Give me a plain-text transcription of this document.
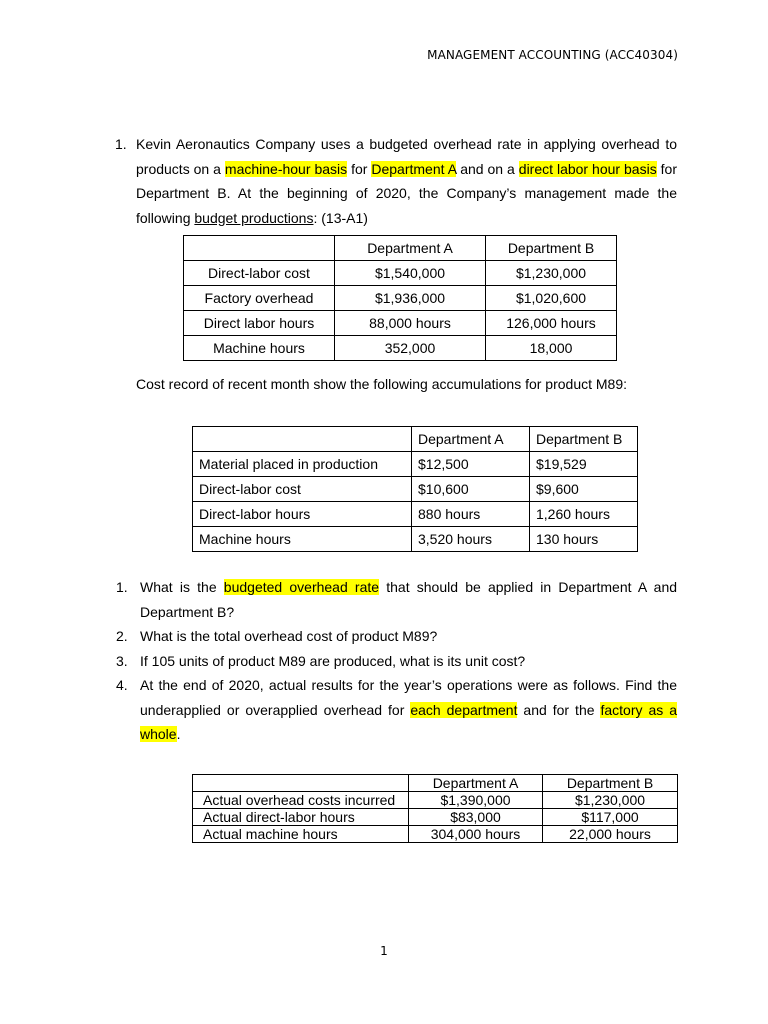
MANAGEMENT ACCOUNTING (ACC40304)
1. Kevin Aeronautics Company uses a budgeted overhead rate in applying overhead to products on a machine-hour basis for Department A and on a direct labor hour basis for Department B. At the beginning of 2020, the Company’s management made the following budget productions: (13-A1)
	Department A	Department B
Direct-labor cost	$1,540,000	$1,230,000
Factory overhead	$1,936,000	$1,020,600
Direct labor hours	88,000 hours	126,000 hours
Machine hours	352,000	18,000
Cost record of recent month show the following accumulations for product M89:
	Department A	Department B
Material placed in production	$12,500	$19,529
Direct-labor cost	$10,600	$9,600
Direct-labor hours	880 hours	1,260 hours
Machine hours	3,520 hours	130 hours
1. What is the budgeted overhead rate that should be applied in Department A and Department B?
2. What is the total overhead cost of product M89?
3. If 105 units of product M89 are produced, what is its unit cost?
4. At the end of 2020, actual results for the year’s operations were as follows. Find the underapplied or overapplied overhead for each department and for the factory as a whole.
	Department A	Department B
Actual overhead costs incurred	$1,390,000	$1,230,000
Actual direct-labor hours	$83,000	$117,000
Actual machine hours	304,000 hours	22,000 hours
1
